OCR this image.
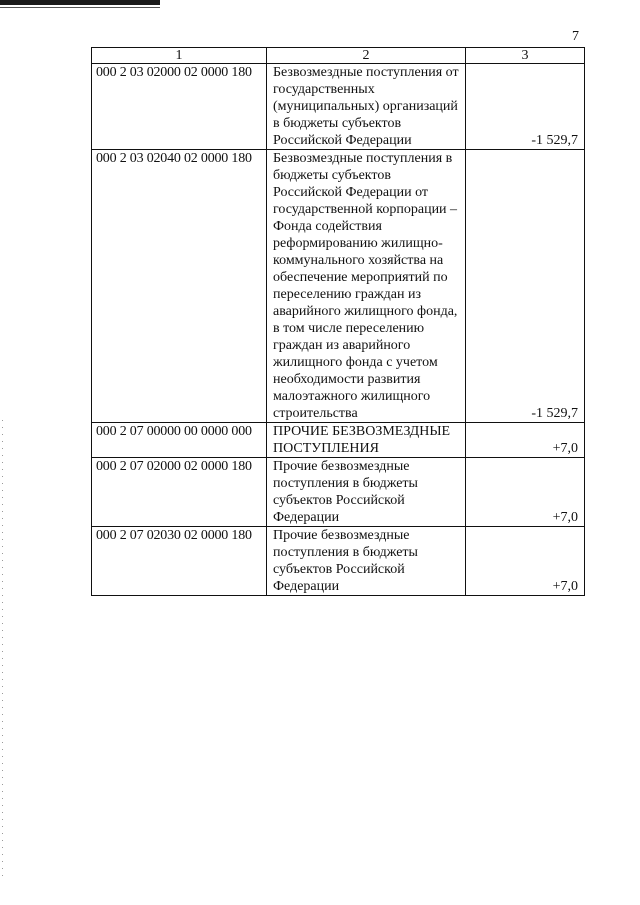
7
1	2	3
000 2 03 02000 02 0000 180	Безвозмездные поступления от государственных (муниципальных) организаций в бюджеты субъектов Российской Федерации	-1 529,7
000 2 03 02040 02 0000 180	Безвозмездные поступления в бюджеты субъектов Российской Федерации от государственной корпорации – Фонда содействия реформированию жилищно-коммунального хозяйства на обеспечение мероприятий по переселению граждан из аварийного жилищного фонда, в том числе переселению граждан из аварийного жилищного фонда с учетом необходимости развития малоэтажного жилищного строительства	-1 529,7
000 2 07 00000 00 0000 000	ПРОЧИЕ БЕЗВОЗМЕЗДНЫЕ ПОСТУПЛЕНИЯ	+7,0
000 2 07 02000 02 0000 180	Прочие безвозмездные поступления в бюджеты субъектов Российской Федерации	+7,0
000 2 07 02030 02 0000 180	Прочие безвозмездные поступления в бюджеты субъектов Российской Федерации	+7,0
